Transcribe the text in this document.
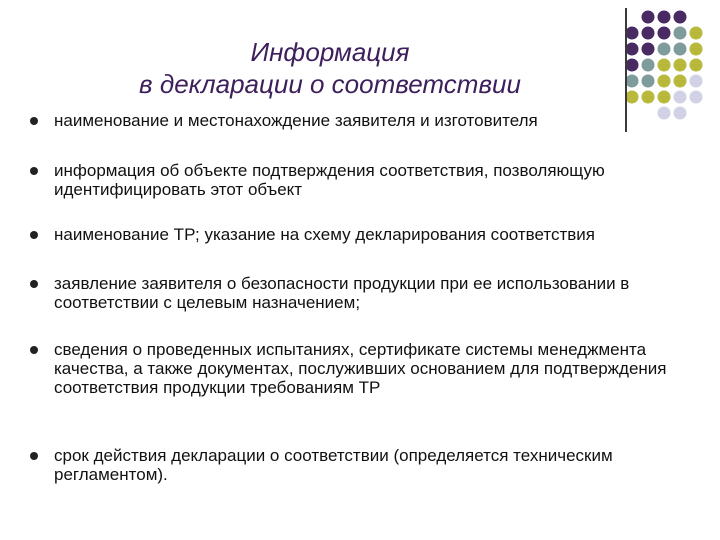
Информация
в декларации о соответствии
наименование и местонахождение заявителя и изготовителя
информация об объекте подтверждения соответствия, позволяющую идентифицировать этот объект
наименование ТР; указание на схему декларирования соответствия
заявление заявителя о безопасности продукции при ее использовании в соответствии с целевым назначением;
сведения о проведенных испытаниях, сертификате системы менеджмента качества, а также документах, послуживших основанием для подтверждения соответствия продукции требованиям ТР
срок действия декларации о соответствии (определяется техническим регламентом).
